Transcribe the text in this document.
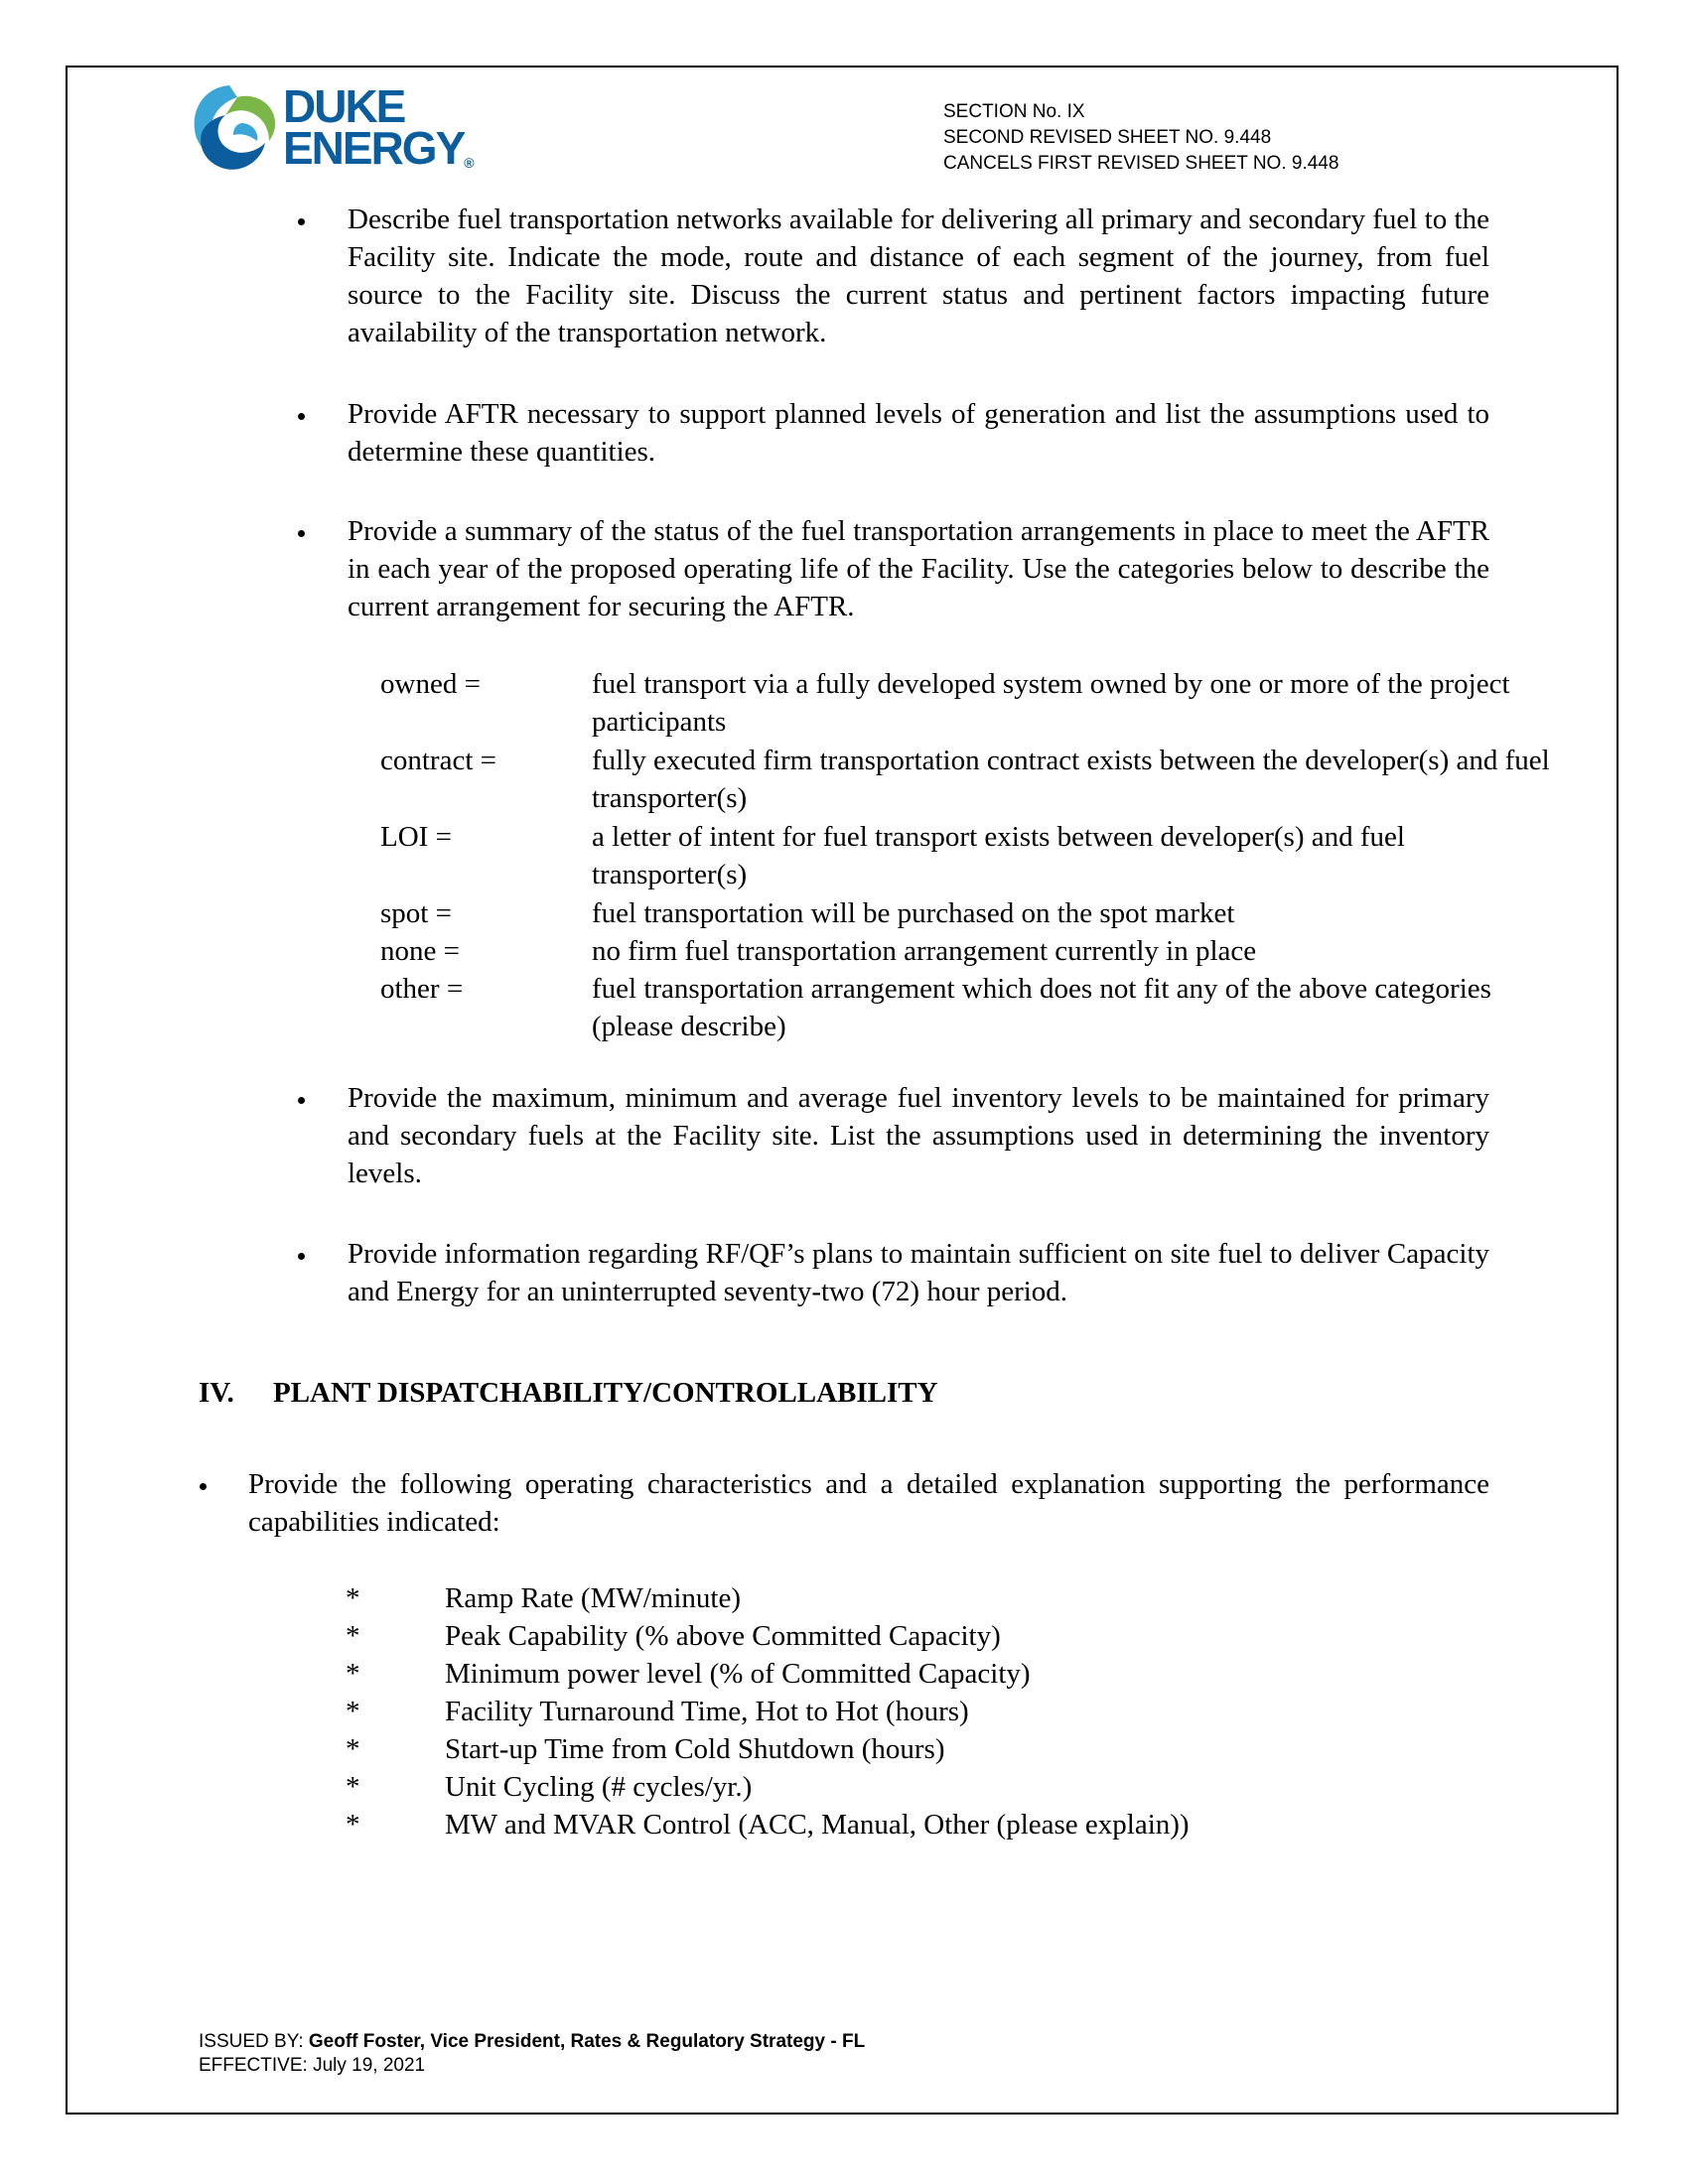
DUKE
ENERGY®
SECTION No. IX
SECOND REVISED SHEET NO. 9.448
CANCELS FIRST REVISED SHEET NO. 9.448
Describe fuel transportation networks available for delivering all primary and secondary fuel to the Facility site. Indicate the mode, route and distance of each segment of the journey, from fuel source to the Facility site. Discuss the current status and pertinent factors impacting future availability of the transportation network.
Provide AFTR necessary to support planned levels of generation and list the assumptions used to determine these quantities.
Provide a summary of the status of the fuel transportation arrangements in place to meet the AFTR in each year of the proposed operating life of the Facility. Use the categories below to describe the current arrangement for securing the AFTR.
owned =	fuel transport via a fully developed system owned by one or more of the project participants
contract =	fully executed firm transportation contract exists between the developer(s) and fuel transporter(s)
LOI =	a letter of intent for fuel transport exists between developer(s) and fuel transporter(s)
spot =	fuel transportation will be purchased on the spot market
none =	no firm fuel transportation arrangement currently in place
other =	fuel transportation arrangement which does not fit any of the above categories (please describe)
Provide the maximum, minimum and average fuel inventory levels to be maintained for primary and secondary fuels at the Facility site. List the assumptions used in determining the inventory levels.
Provide information regarding RF/QF’s plans to maintain sufficient on site fuel to deliver Capacity and Energy for an uninterrupted seventy-two (72) hour period.
IV. PLANT DISPATCHABILITY/CONTROLLABILITY
Provide the following operating characteristics and a detailed explanation supporting the performance capabilities indicated:
*	Ramp Rate (MW/minute)
*	Peak Capability (% above Committed Capacity)
*	Minimum power level (% of Committed Capacity)
*	Facility Turnaround Time, Hot to Hot (hours)
*	Start-up Time from Cold Shutdown (hours)
*	Unit Cycling (# cycles/yr.)
*	MW and MVAR Control (ACC, Manual, Other (please explain))
ISSUED BY: Geoff Foster, Vice President, Rates & Regulatory Strategy - FL
EFFECTIVE: July 19, 2021
